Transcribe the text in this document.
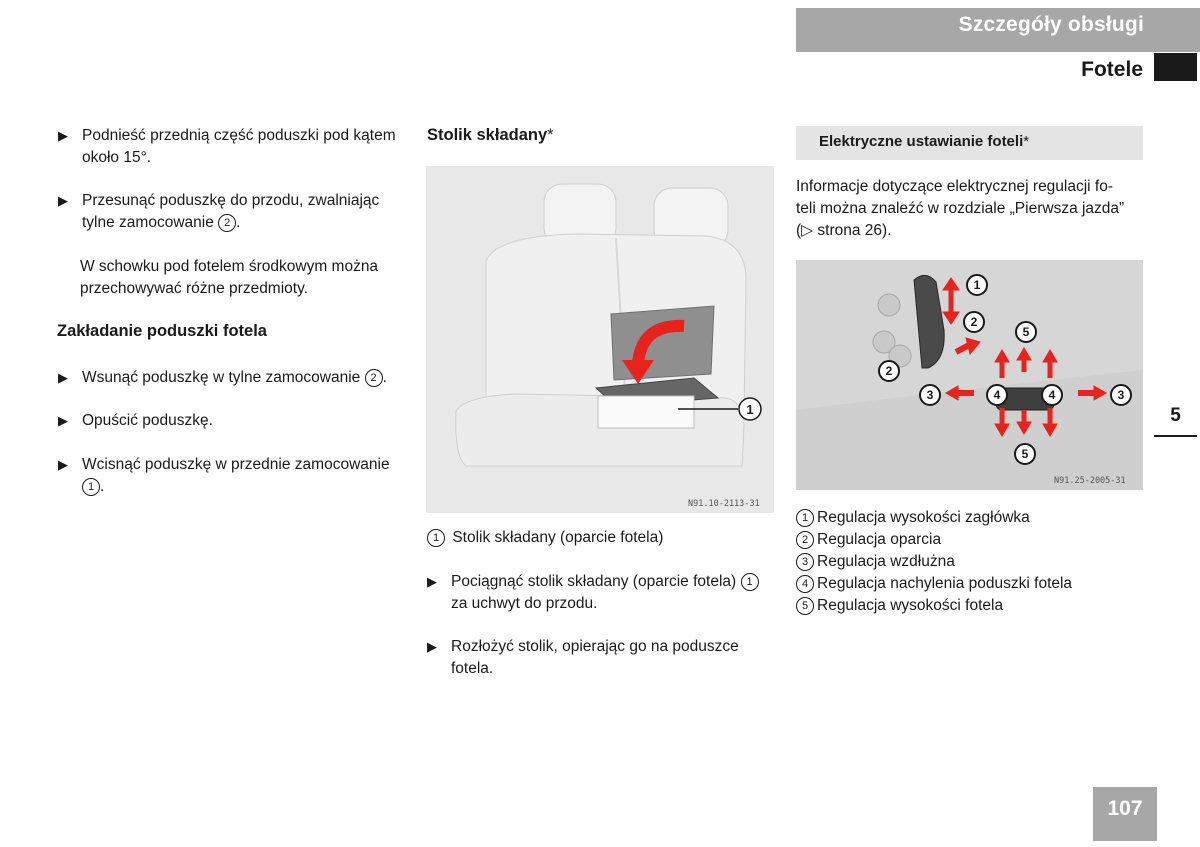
Szczegóły obsługi
Fotele
5
107
▶ Podnieść przednią część poduszki pod kątem
około 15°.
▶ Przesunąć poduszkę do przodu, zwalniając
tylne zamocowanie 2 .
W schowku pod fotelem środkowym można
przechowywać różne przedmioty.
Zakładanie poduszki fotela
▶ Wsunąć poduszkę w tylne zamocowanie 2 .
▶ Opuścić poduszkę.
▶ Wcisnąć poduszkę w przednie zamocowanie
1 .
Stolik składany*
1
N91.10-2113-31
1 Stolik składany (oparcie fotela)
▶ Pociągnąć stolik składany (oparcie fotela) 1
za uchwyt do przodu.
▶ Rozłożyć stolik, opierając go na poduszce
fotela.
Elektryczne ustawianie foteli*
Informacje dotyczące elektrycznej regulacji fo-
teli można znaleźć w rozdziale „Pierwsza jazda”
(▷ strona 26).
1
2
2
3	4	4	3
5
5
N91.25-2005-31
1 Regulacja wysokości zagłówka
2 Regulacja oparcia
3 Regulacja wzdłużna
4 Regulacja nachylenia poduszki fotela
5 Regulacja wysokości fotela
